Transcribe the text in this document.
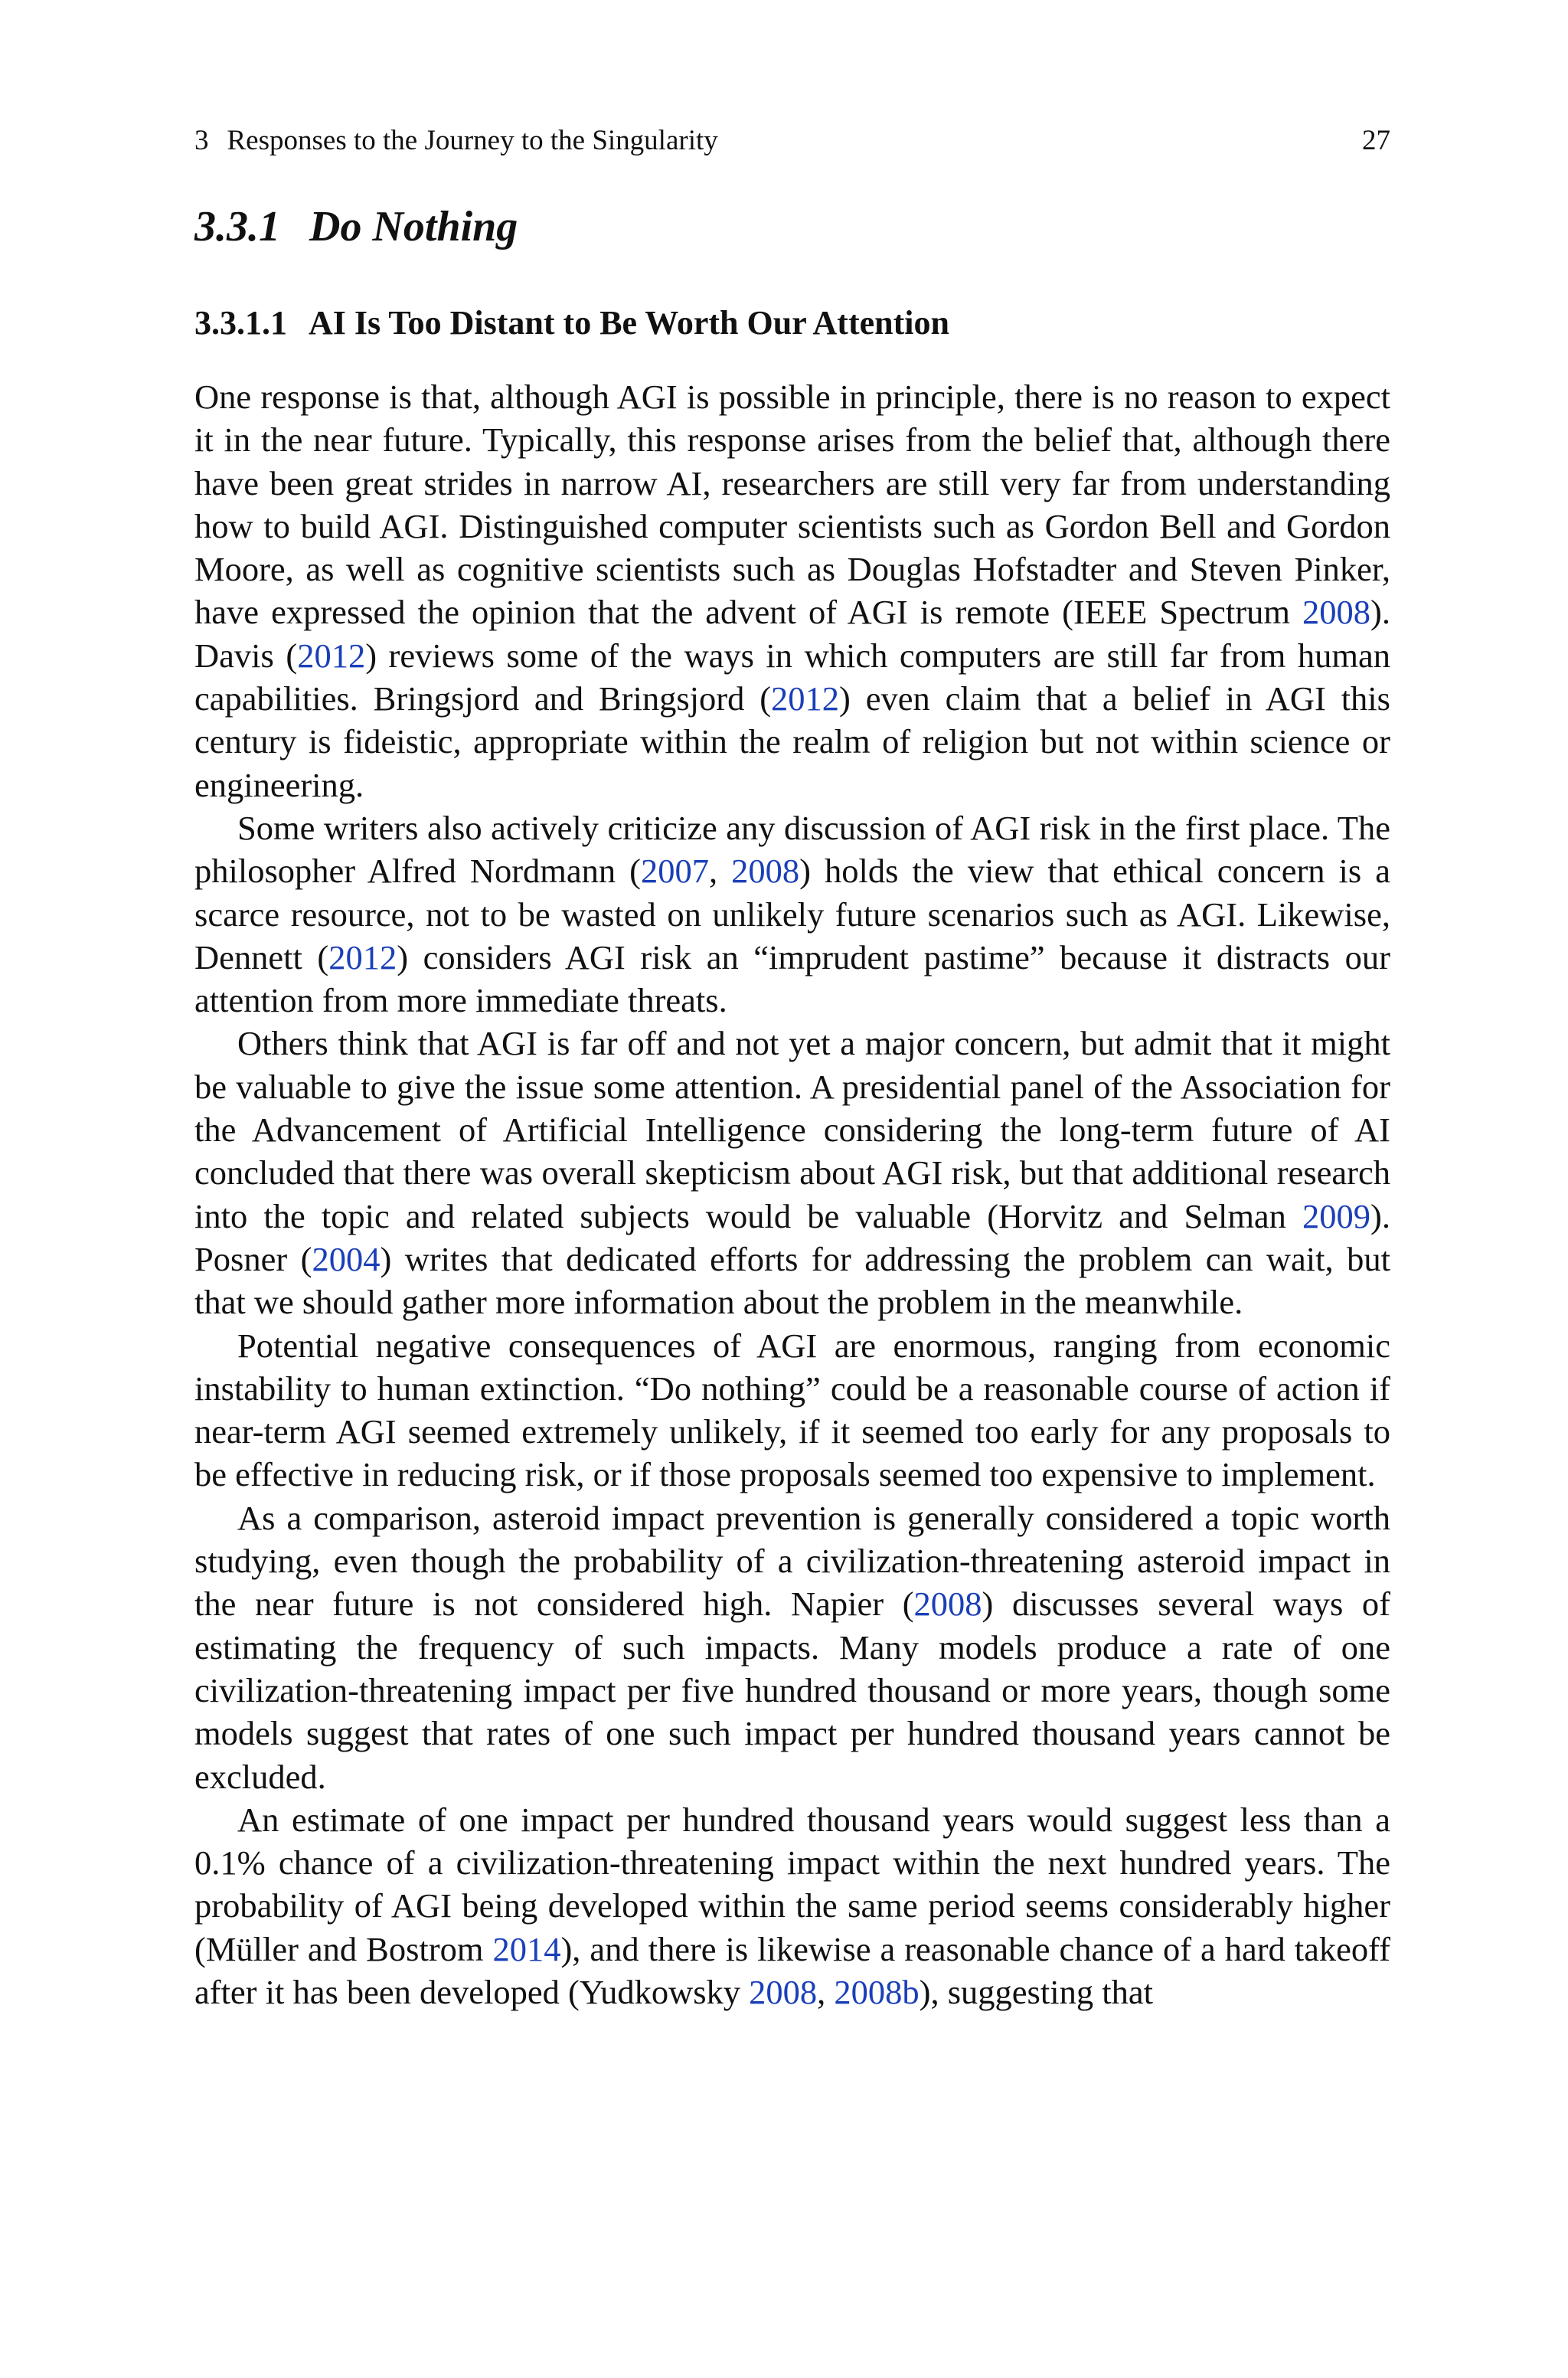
3 Responses to the Journey to the Singularity	27
3.3.1 Do Nothing
3.3.1.1 AI Is Too Distant to Be Worth Our Attention

One response is that, although AGI is possible in principle, there is no reason to expect it in the near future. Typically, this response arises from the belief that, although there have been great strides in narrow AI, researchers are still very far from understanding how to build AGI. Distinguished computer scientists such as Gordon Bell and Gordon Moore, as well as cognitive scientists such as Douglas Hofstadter and Steven Pinker, have expressed the opinion that the advent of AGI is remote (IEEE Spectrum 2008). Davis (2012) reviews some of the ways in which computers are still far from human capabilities. Bringsjord and Bringsjord (2012) even claim that a belief in AGI this century is fideistic, appropriate within the realm of religion but not within science or engineering.

Some writers also actively criticize any discussion of AGI risk in the first place. The philosopher Alfred Nordmann (2007, 2008) holds the view that ethical concern is a scarce resource, not to be wasted on unlikely future scenarios such as AGI. Likewise, Dennett (2012) considers AGI risk an “imprudent pastime” because it distracts our attention from more immediate threats.

Others think that AGI is far off and not yet a major concern, but admit that it might be valuable to give the issue some attention. A presidential panel of the Association for the Advancement of Artificial Intelligence considering the long-term future of AI concluded that there was overall skepticism about AGI risk, but that additional research into the topic and related subjects would be valuable (Horvitz and Selman 2009). Posner (2004) writes that dedicated efforts for addressing the problem can wait, but that we should gather more information about the problem in the meanwhile.

Potential negative consequences of AGI are enormous, ranging from economic instability to human extinction. “Do nothing” could be a reasonable course of action if near-term AGI seemed extremely unlikely, if it seemed too early for any proposals to be effective in reducing risk, or if those proposals seemed too expensive to implement.

As a comparison, asteroid impact prevention is generally considered a topic worth studying, even though the probability of a civilization-threatening asteroid impact in the near future is not considered high. Napier (2008) discusses several ways of estimating the frequency of such impacts. Many models produce a rate of one civilization-threatening impact per five hundred thousand or more years, though some models suggest that rates of one such impact per hundred thousand years cannot be excluded.

An estimate of one impact per hundred thousand years would suggest less than a 0.1% chance of a civilization-threatening impact within the next hundred years. The probability of AGI being developed within the same period seems considerably higher (Müller and Bostrom 2014), and there is likewise a reasonable chance of a hard takeoff after it has been developed (Yudkowsky 2008, 2008b), suggesting that
